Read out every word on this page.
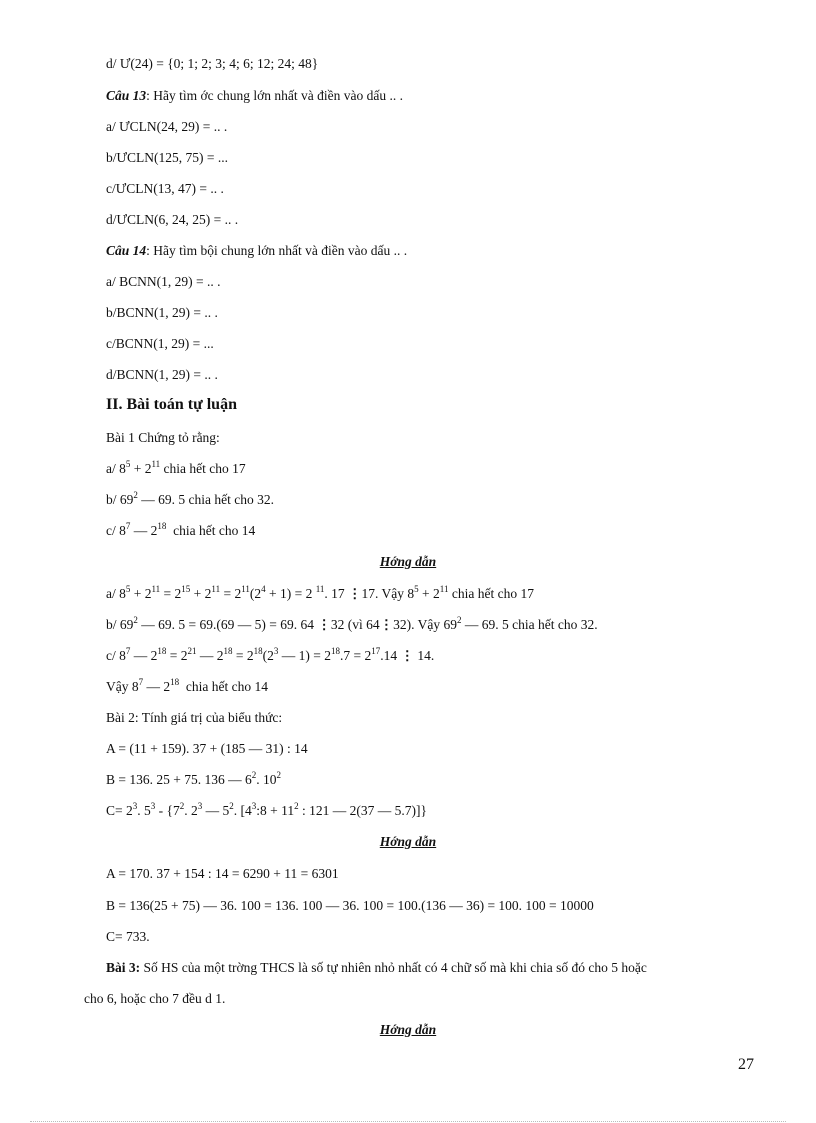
d/ Ư(24) = {0; 1; 2; 3; 4; 6; 12; 24; 48}
Câu 13: Hãy tìm ớc chung lớn nhất và điền vào dấu .. .
a/ ƯCLN(24, 29) = .. .
b/ƯCLN(125, 75) = ...
c/ƯCLN(13, 47) = .. .
d/ƯCLN(6, 24, 25) = .. .
Câu 14: Hãy tìm bội chung lớn nhất và điền vào dấu .. .
a/ BCNN(1, 29) = .. .
b/BCNN(1, 29) = .. .
c/BCNN(1, 29) = ...
d/BCNN(1, 29) = .. .
II. Bài toán tự luận
Bài 1 Chứng tỏ rằng:
a/ $8^5 + 2^{11}$ chia hết cho 17
b/ $69^2$ — 69. 5 chia hết cho 32.
c/ $8^7$ — $2^{18}$  chia hết cho 14
Hớng dẫn
a/ $8^5 + 2^{11} = 2^{15} + 2^{11} = 2^{11}(2^4 + 1) = 2$ $^{11}$. 17 ⋮17. Vậy $8^5 + 2^{11}$ chia hết cho 17
b/ $69^2$ — 69. 5 = 69.(69 — 5) = 69. 64 ⋮32 (vì 64⋮32). Vậy $69^2$ — 69. 5 chia hết cho 32.
c/ $8^7$ — $2^{18} = 2^{21}$ — $2^{18} = 2^{18}(2^3$ — $1) = 2^{18}.7 = 2^{17}.14$ ⋮ 14.
Vậy $8^7$ — $2^{18}$  chia hết cho 14
Bài 2: Tính giá trị của biểu thức:
A = (11 + 159). 37 + (185 — 31) : 14
B = 136. 25 + 75. 136 — $6^2$. $10^2$
$C= 2^3$. $5^3 - \{7^2$. $2^3$ — $5^2$. [$4^3:8 + 11^2$ : 121 — 2(37 — 5.7)]}
Hớng dẫn
A = 170. 37 + 154 : 14 = 6290 + 11 = 6301
B = 136(25 + 75) — 36. 100 = 136. 100 — 36. 100 = 100.(136 — 36) = 100. 100 = 10000
C= 733.
Bài 3: Số HS của một trờng THCS là số tự nhiên nhỏ nhất có 4 chữ số mà khi chia số đó cho 5 hoặc
cho 6, hoặc cho 7 đều d 1.
Hớng dẫn
27
